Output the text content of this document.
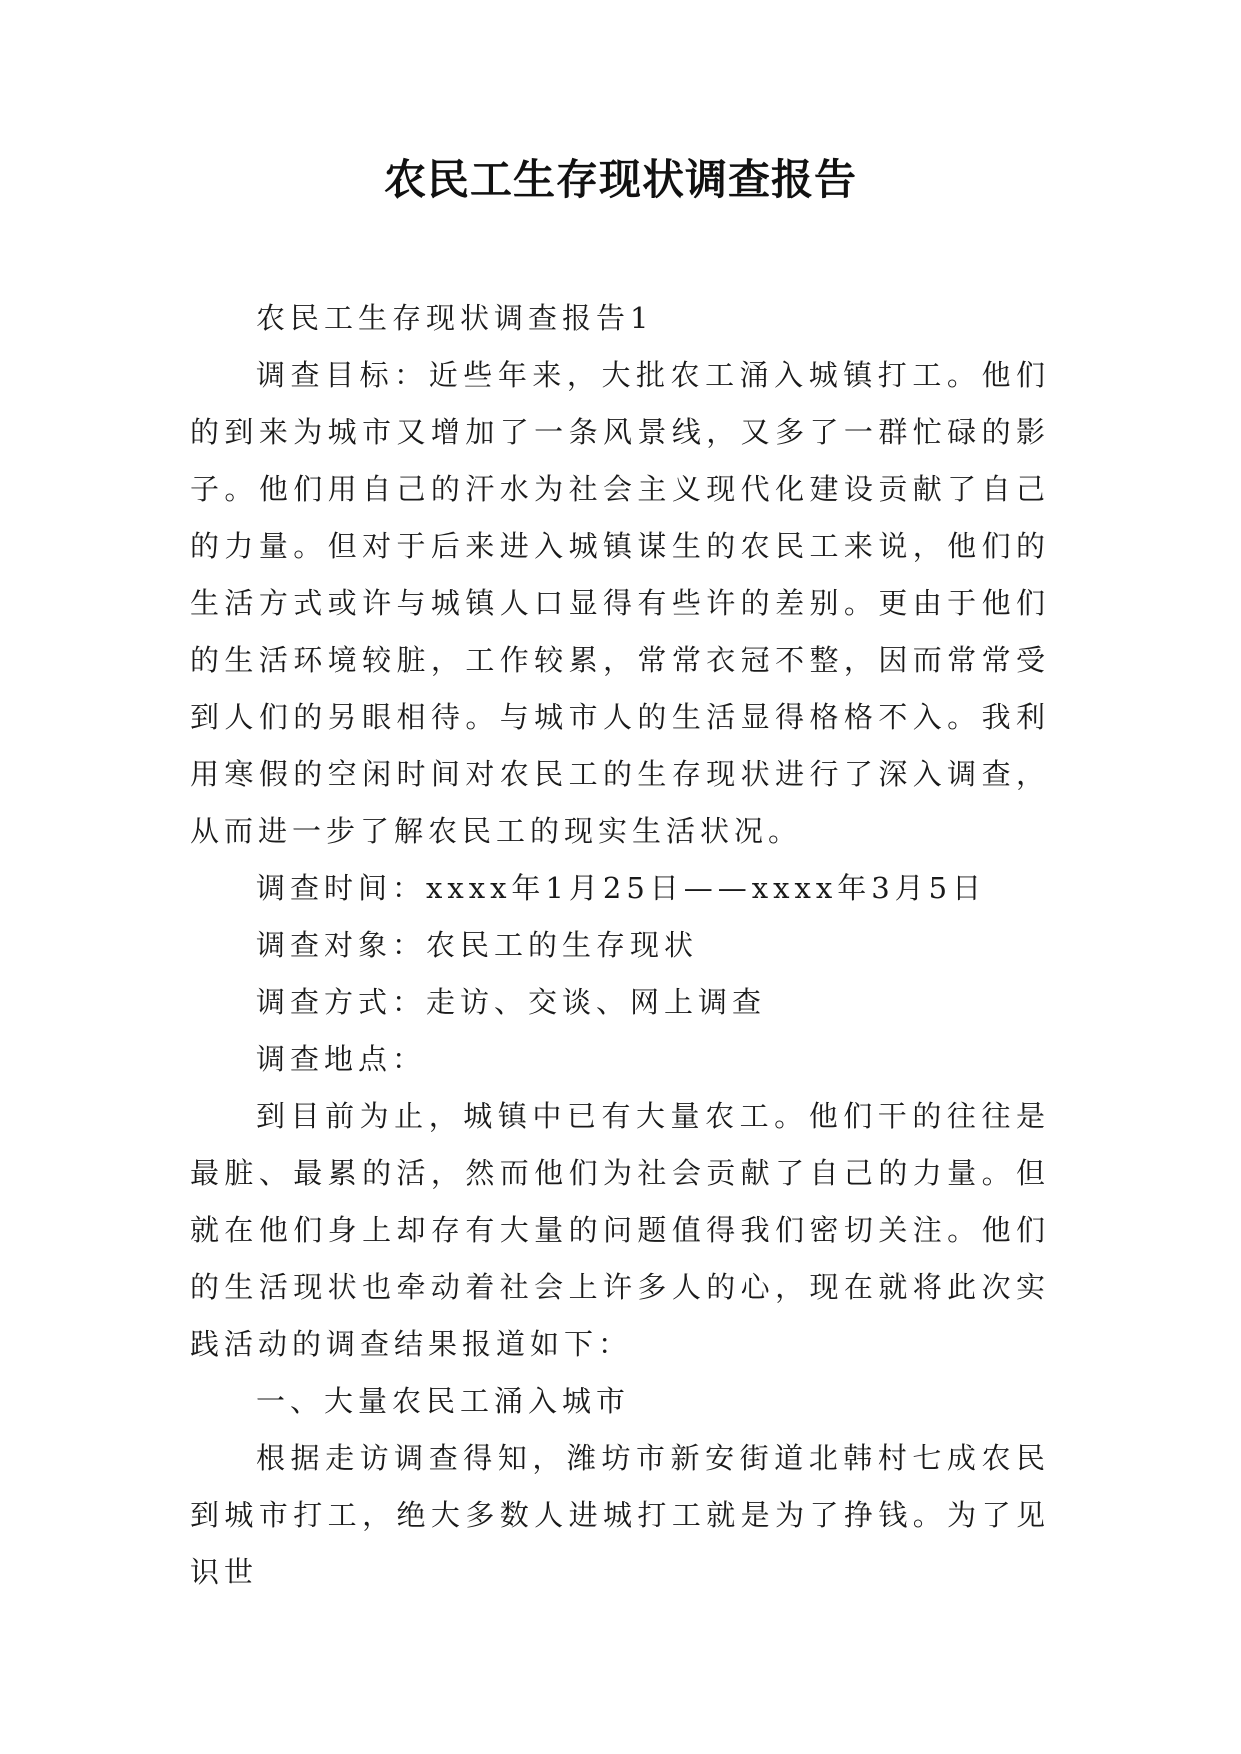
农民工生存现状调查报告

农民工生存现状调查报告1

调查目标：近些年来，大批农工涌入城镇打工。他们的到来为城市又增加了一条风景线，又多了一群忙碌的影子。他们用自己的汗水为社会主义现代化建设贡献了自己的力量。但对于后来进入城镇谋生的农民工来说，他们的生活方式或许与城镇人口显得有些许的差别。更由于他们的生活环境较脏，工作较累，常常衣冠不整，因而常常受到人们的另眼相待。与城市人的生活显得格格不入。我利用寒假的空闲时间对农民工的生存现状进行了深入调查，从而进一步了解农民工的现实生活状况。

调查时间：xxxx年1月25日——xxxx年3月5日

调查对象：农民工的生存现状

调查方式：走访、交谈、网上调查

调查地点：

到目前为止，城镇中已有大量农工。他们干的往往是最脏、最累的活，然而他们为社会贡献了自己的力量。但就在他们身上却存有大量的问题值得我们密切关注。他们的生活现状也牵动着社会上许多人的心，现在就将此次实践活动的调查结果报道如下：

一、大量农民工涌入城市

根据走访调查得知，潍坊市新安街道北韩村七成农民到城市打工，绝大多数人进城打工就是为了挣钱。为了见识世
